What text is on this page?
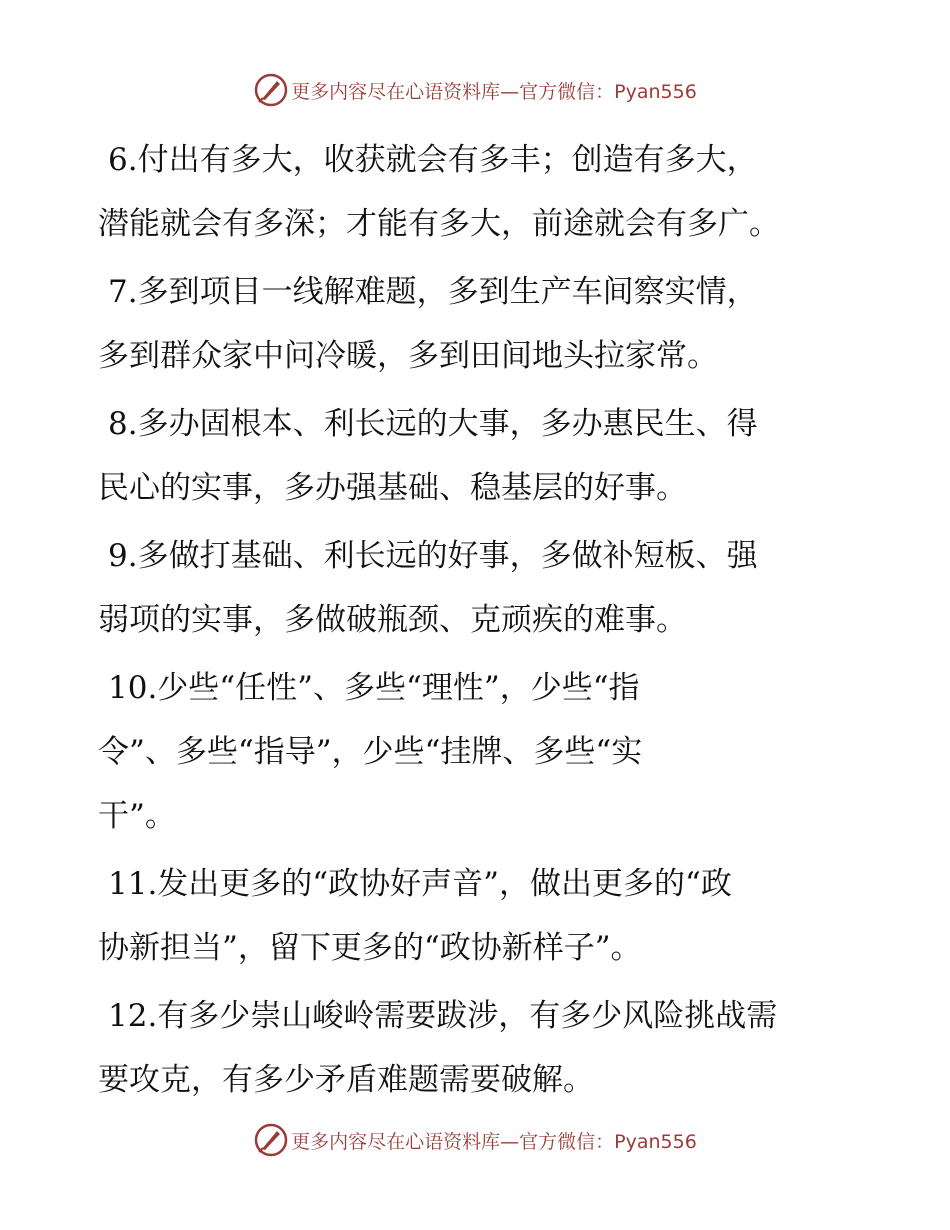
更多内容尽在心语资料库—官方微信：Pyan556
6.付出有多大，收获就会有多丰；创造有多大，
潜能就会有多深；才能有多大，前途就会有多广。
7.多到项目一线解难题，多到生产车间察实情，
多到群众家中问冷暖，多到田间地头拉家常。
8.多办固根本、利长远的大事，多办惠民生、得
民心的实事，多办强基础、稳基层的好事。
9.多做打基础、利长远的好事，多做补短板、强
弱项的实事，多做破瓶颈、克顽疾的难事。
10.少些“任性”、多些“理性”，少些“指
令”、多些“指导”，少些“挂牌、多些“实
干”。
11.发出更多的“政协好声音”，做出更多的“政
协新担当”，留下更多的“政协新样子”。
12.有多少崇山峻岭需要跋涉，有多少风险挑战需
要攻克，有多少矛盾难题需要破解。
更多内容尽在心语资料库—官方微信：Pyan556
